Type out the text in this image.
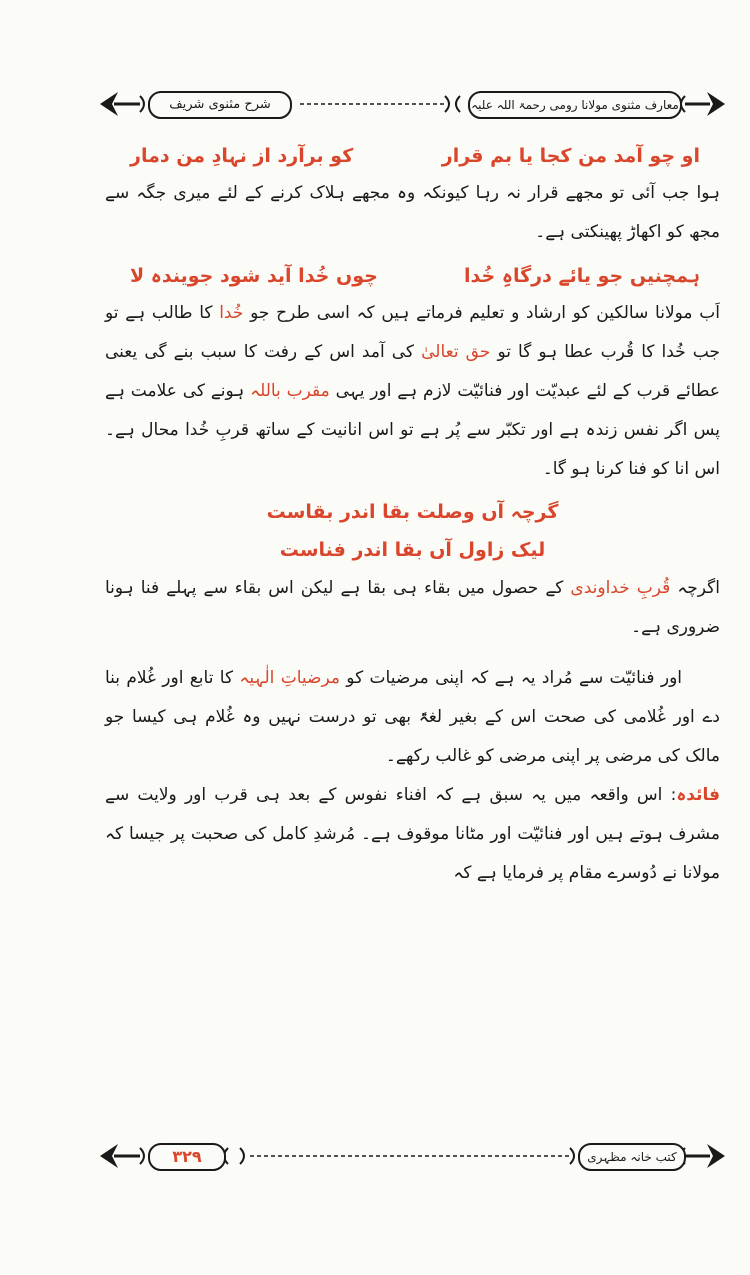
شرح مثنوی شریف	معارف مثنوی مولانا رومی رحمۃ اللہ علیہ
او چو آمد من کجا یا بم قرار
کو برآرد از نہادِ من دمار

ہوا جب آئی تو مجھے قرار نہ رہا کیونکہ وہ مجھے ہلاک کرنے کے لئے میری جگہ سے مجھ کو اکھاڑ پھینکتی ہے۔

ہمچنیں جو یائے درگاہِ خُدا
چوں خُدا آید شود جویندہ لا

اَب مولانا سالکین کو ارشاد و تعلیم فرماتے ہیں کہ اسی طرح جو خُدا کا طالب ہے تو جب خُدا کا قُرب عطا ہو گا تو حق تعالیٰ کی آمد اس کے رفت کا سبب بنے گی یعنی عطائے قرب کے لئے عبدیّت اور فنائیّت لازم ہے اور یہی مقرب باللہ ہونے کی علامت ہے پس اگر نفس زندہ ہے اور تکبّر سے پُر ہے تو اس انانیت کے ساتھ قربِ خُدا محال ہے۔ اس انا کو فنا کرنا ہو گا۔

گرچہ آں وصلت بقا اندر بقاست
لیک زاول آں بقا اندر فناست

اگرچہ قُربِ خداوندی کے حصول میں بقاء ہی بقا ہے لیکن اس بقاء سے پہلے فنا ہونا ضروری ہے۔

اور فنائیّت سے مُراد یہ ہے کہ اپنی مرضیات کو مرضیاتِ الٰہیہ کا تابع اور غُلام بنا دے اور غُلامی کی صحت اس کے بغیر لغۃً بھی تو درست نہیں وہ غُلام ہی کیسا جو مالک کی مرضی پر اپنی مرضی کو غالب رکھے۔

فائدہ: اس واقعہ میں یہ سبق ہے کہ افناء نفوس کے بعد ہی قرب اور ولایت سے مشرف ہوتے ہیں اور فنائیّت اور مٹانا موقوف ہے۔ مُرشدِ کامل کی صحبت پر جیسا کہ مولانا نے دُوسرے مقام پر فرمایا ہے کہ

۳۲۹	کتب خانہ مظہری
